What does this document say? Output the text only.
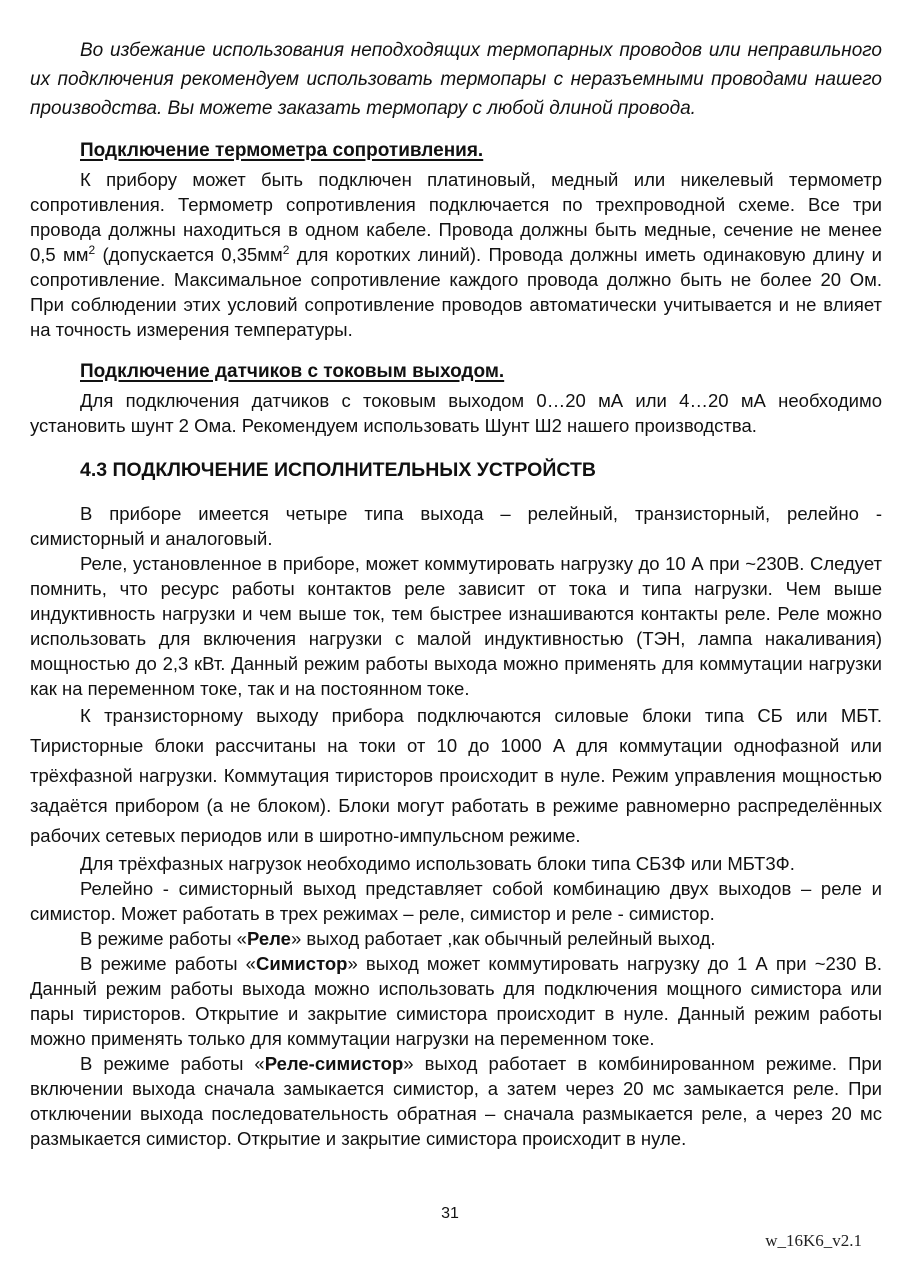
Во избежание использования неподходящих термопарных проводов или неправильного их подключения рекомендуем использовать термопары с неразъемными проводами нашего производства. Вы можете заказать термопару с любой длиной провода.

Подключение термометра сопротивления.

К прибору может быть подключен платиновый, медный или никелевый термометр сопротивления. Термометр сопротивления подключается по трехпроводной схеме. Все три провода должны находиться в одном кабеле. Провода должны быть медные, сечение не менее 0,5 $мм^2$ (допускается $0,35мм^2$ для коротких линий). Провода должны иметь одинаковую длину и сопротивление. Максимальное сопротивление каждого провода должно быть не более 20 Ом. При соблюдении этих условий сопротивление проводов автоматически учитывается и не влияет на точность измерения температуры.

Подключение датчиков с токовым выходом.

Для подключения датчиков с токовым выходом 0…20 мА или 4…20 мА необходимо установить шунт 2 Ома. Рекомендуем использовать Шунт Ш2 нашего производства.

4.3 ПОДКЛЮЧЕНИЕ ИСПОЛНИТЕЛЬНЫХ УСТРОЙСТВ

В приборе имеется четыре типа выхода – релейный, транзисторный, релейно - симисторный и аналоговый.

Реле, установленное в приборе, может коммутировать нагрузку до 10 А при ~230В. Следует помнить, что ресурс работы контактов реле зависит от тока и типа нагрузки. Чем выше индуктивность нагрузки и чем выше ток, тем быстрее изнашиваются контакты реле. Реле можно использовать для включения нагрузки с малой индуктивностью (ТЭН, лампа накаливания) мощностью до 2,3 кВт. Данный режим работы выхода можно применять для коммутации нагрузки как на переменном токе, так и на постоянном токе.

К транзисторному выходу прибора подключаются силовые блоки типа СБ или МБТ. Тиристорные блоки рассчитаны на токи от 10 до 1000 А для коммутации однофазной или трёхфазной нагрузки. Коммутация тиристоров происходит в нуле. Режим управления мощностью задаётся прибором (а не блоком). Блоки могут работать в режиме равномерно распределённых рабочих сетевых периодов или в широтно-импульсном режиме.

Для трёхфазных нагрузок необходимо использовать блоки типа СБ3Ф или МБТ3Ф.

Релейно - симисторный выход представляет собой комбинацию двух выходов – реле и симистор. Может работать в трех режимах – реле, симистор и реле - симистор.

В режиме работы «Реле» выход работает ,как обычный релейный выход.

В режиме работы «Симистор» выход может коммутировать нагрузку до 1 А при ~230 В. Данный режим работы выхода можно использовать для подключения мощного симистора или пары тиристоров. Открытие и закрытие симистора происходит в нуле. Данный режим работы можно применять только для коммутации нагрузки на переменном токе.

В режиме работы «Реле-симистор» выход работает в комбинированном режиме. При включении выхода сначала замыкается симистор, а затем через 20 мс замыкается реле. При отключении выхода последовательность обратная – сначала размыкается реле, а через 20 мс размыкается симистор. Открытие и закрытие симистора происходит в нуле.

31
w_16K6_v2.1
